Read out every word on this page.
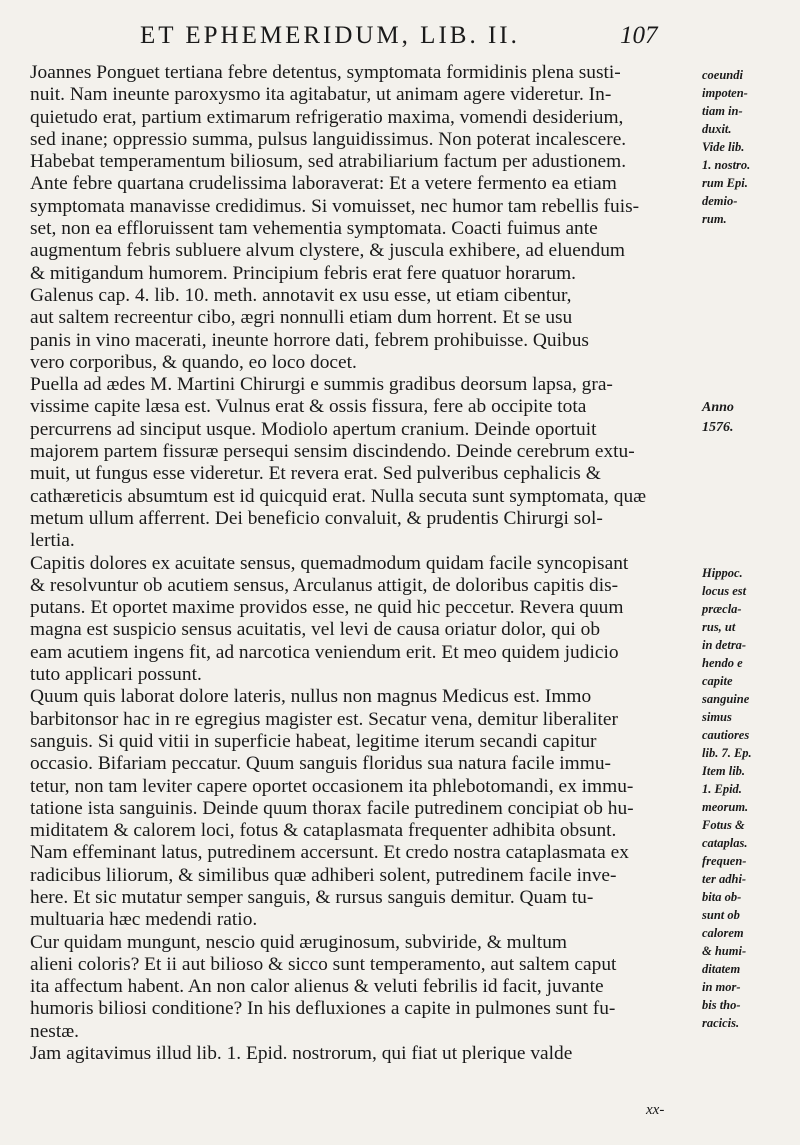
ET EPHEMERIDUM, LIB. II.	107

Joannes Ponguet tertiana febre detentus, symptomata formidinis plena susti-

nuit. Nam ineunte paroxysmo ita agitabatur, ut animam agere videretur. In-

quietudo erat, partium extimarum refrigeratio maxima, vomendi desiderium,

sed inane; oppressio summa, pulsus languidissimus. Non poterat incalescere.

Habebat temperamentum biliosum, sed atrabiliarium factum per adustionem.

Ante febre quartana crudelissima laboraverat: Et a vetere fermento ea etiam

symptomata manavisse credidimus. Si vomuisset, nec humor tam rebellis fuis-

set, non ea effloruissent tam vehementia symptomata. Coacti fuimus ante

augmentum febris subluere alvum clystere, & juscula exhibere, ad eluendum

& mitigandum humorem. Principium febris erat fere quatuor horarum.

Galenus cap. 4. lib. 10. meth. annotavit ex usu esse, ut etiam cibentur,

aut saltem recreentur cibo, ægri nonnulli etiam dum horrent. Et se usu

panis in vino macerati, ineunte horrore dati, febrem prohibuisse. Quibus

vero corporibus, & quando, eo loco docet.

Puella ad ædes M. Martini Chirurgi e summis gradibus deorsum lapsa, gra-

vissime capite læsa est. Vulnus erat & ossis fissura, fere ab occipite tota

percurrens ad sinciput usque. Modiolo apertum cranium. Deinde oportuit

majorem partem fissuræ persequi sensim discindendo. Deinde cerebrum extu-

muit, ut fungus esse videretur. Et revera erat. Sed pulveribus cephalicis &

cathæreticis absumtum est id quicquid erat. Nulla secuta sunt symptomata, quæ

metum ullum afferrent. Dei beneficio convaluit, & prudentis Chirurgi sol-

lertia.

Capitis dolores ex acuitate sensus, quemadmodum quidam facile syncopisant

& resolvuntur ob acutiem sensus, Arculanus attigit, de doloribus capitis dis-

putans. Et oportet maxime providos esse, ne quid hic peccetur. Revera quum

magna est suspicio sensus acuitatis, vel levi de causa oriatur dolor, qui ob

eam acutiem ingens fit, ad narcotica veniendum erit. Et meo quidem judicio

tuto applicari possunt.

Quum quis laborat dolore lateris, nullus non magnus Medicus est. Immo

barbitonsor hac in re egregius magister est. Secatur vena, demitur liberaliter

sanguis. Si quid vitii in superficie habeat, legitime iterum secandi capitur

occasio. Bifariam peccatur. Quum sanguis floridus sua natura facile immu-

tetur, non tam leviter capere oportet occasionem ita phlebotomandi, ex immu-

tatione ista sanguinis. Deinde quum thorax facile putredinem concipiat ob hu-

miditatem & calorem loci, fotus & cataplasmata frequenter adhibita obsunt.

Nam effeminant latus, putredinem accersunt. Et credo nostra cataplasmata ex

radicibus liliorum, & similibus quæ adhiberi solent, putredinem facile inve-

here. Et sic mutatur semper sanguis, & rursus sanguis demitur. Quam tu-

multuaria hæc medendi ratio.

Cur quidam mungunt, nescio quid æruginosum, subviride, & multum

alieni coloris? Et ii aut bilioso & sicco sunt temperamento, aut saltem caput

ita affectum habent. An non calor alienus & veluti febrilis id facit, juvante

humoris biliosi conditione? In his defluxiones a capite in pulmones sunt fu-

nestæ.

Jam agitavimus illud lib. 1. Epid. nostrorum, qui fiat ut plerique valde

coeundi
impoten-
tiam in-
duxit.
Vide lib.
1. nostro.
rum Epi.
demio-
rum.
Anno
1576.
Hippoc.
locus est
præcla-
rus, ut
in detra-
hendo e
capite
sanguine
simus
cautiores
lib. 7. Ep.
Item lib.
1. Epid.
meorum.
Fotus &
cataplas.
frequen-
ter adhi-
bita ob-
sunt ob
calorem
& humi-
ditatem
in mor-
bis tho-
racicis.
xx-
